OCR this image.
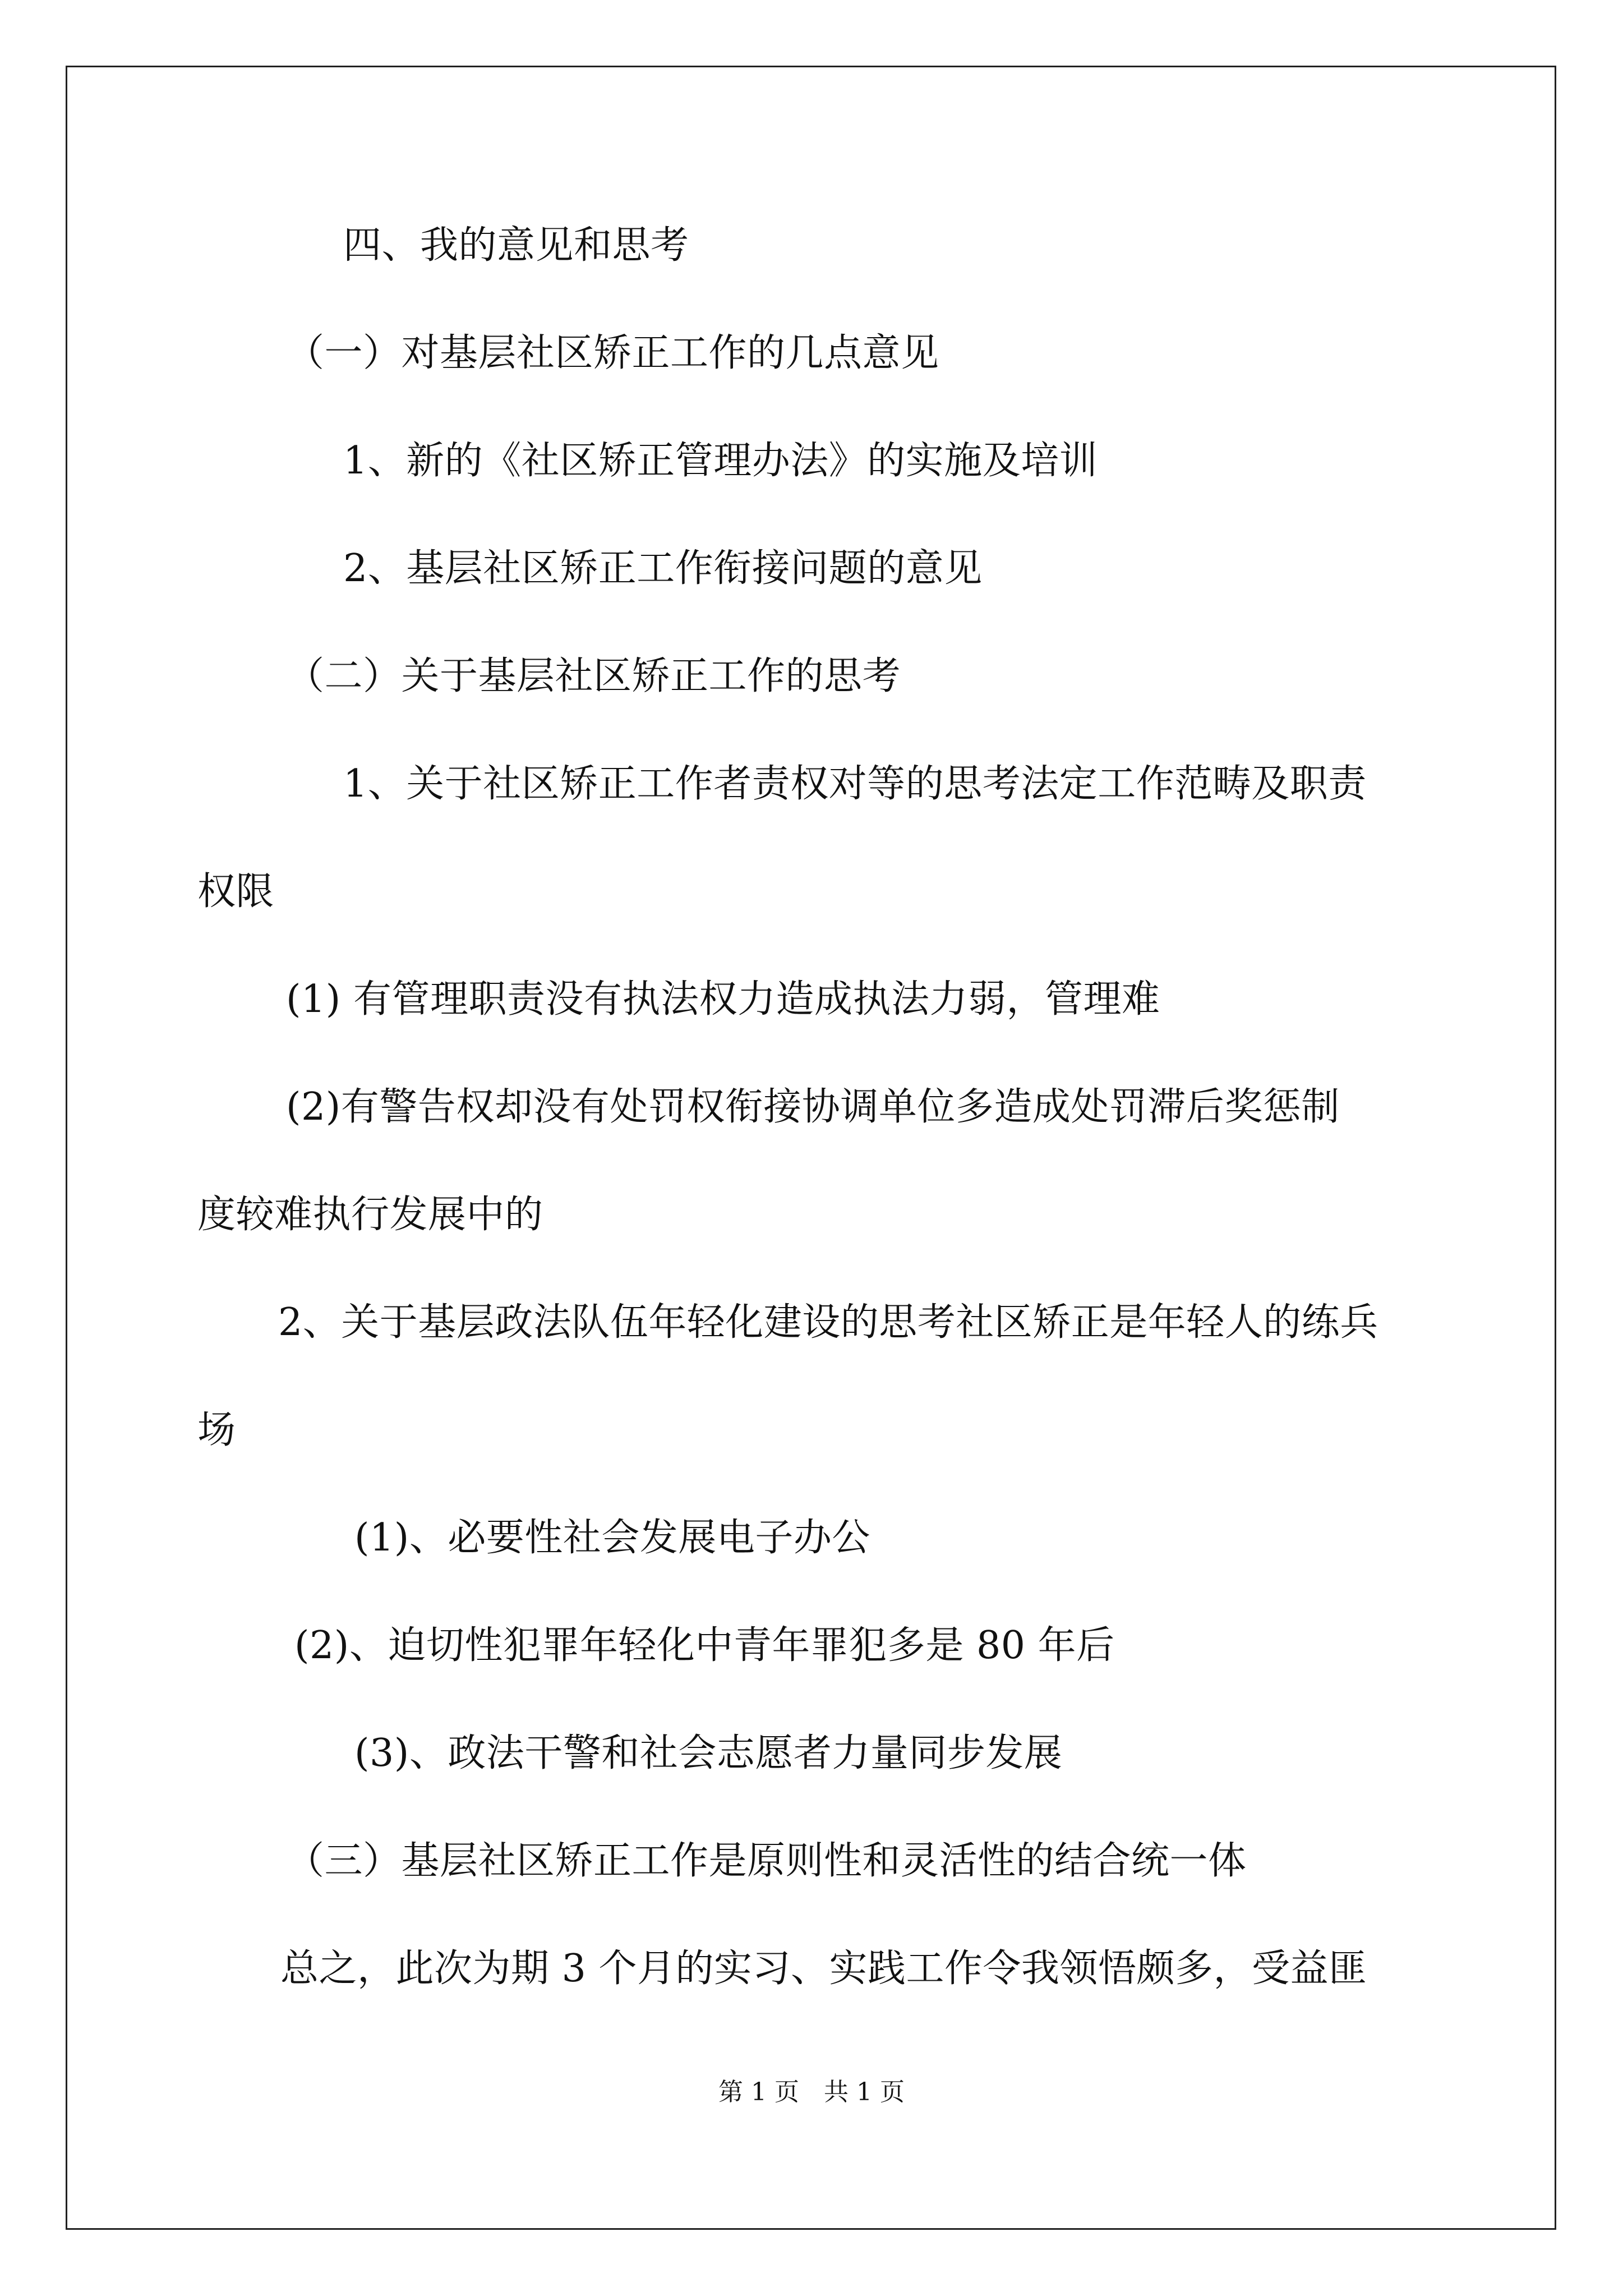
四、我的意见和思考
（一）对基层社区矫正工作的几点意见
1、新的《社区矫正管理办法》的实施及培训
2、基层社区矫正工作衔接问题的意见
（二）关于基层社区矫正工作的思考
1、关于社区矫正工作者责权对等的思考法定工作范畴及职责
权限
(1) 有管理职责没有执法权力造成执法力弱，管理难
(2)有警告权却没有处罚权衔接协调单位多造成处罚滞后奖惩制
度较难执行发展中的
2、关于基层政法队伍年轻化建设的思考社区矫正是年轻人的练兵
场
(1)、必要性社会发展电子办公
(2)、迫切性犯罪年轻化中青年罪犯多是 80 年后
(3)、政法干警和社会志愿者力量同步发展
（三）基层社区矫正工作是原则性和灵活性的结合统一体
总之，此次为期 3 个月的实习、实践工作令我领悟颇多，受益匪
第 1 页　共 1 页
